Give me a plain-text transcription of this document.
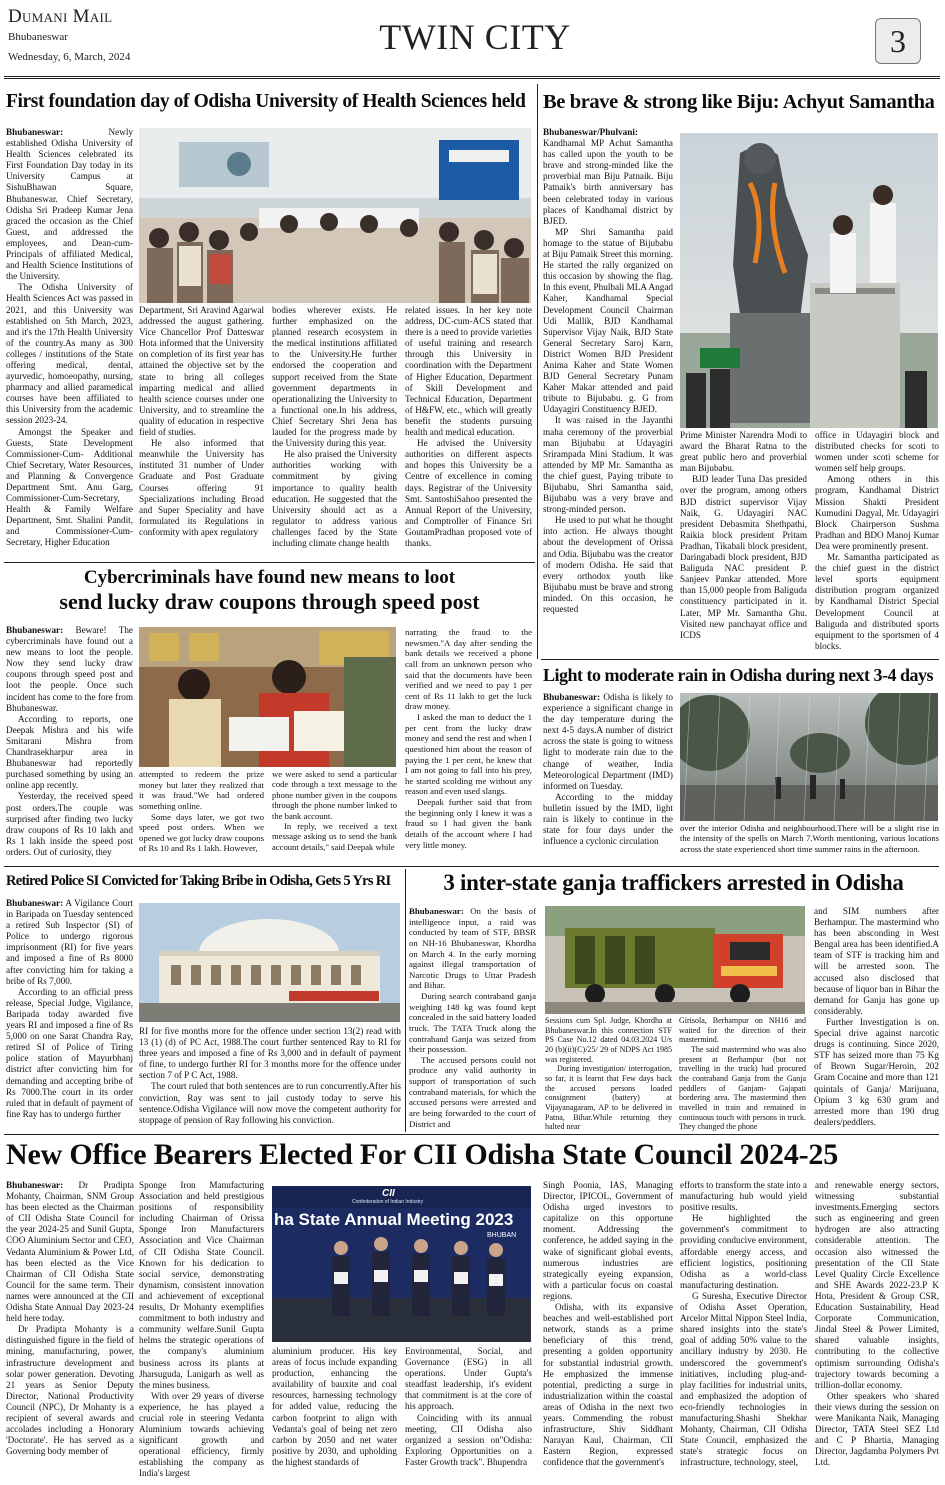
Dumani Mail
Bhubaneswar
Wednesday, 6, March, 2024	TWIN CITY	3
First foundation day of Odisha University of Health Sciences held

Bhubaneswar: Newly established Odisha University of Health Sciences celebrated its First Foundation Day today in its University Campus at SishuBhawan Square, Bhubaneswar. Chief Secretary, Odisha Sri Pradeep Kumar Jena graced the occasion as the Chief Guest, and addressed the employees, and Dean-cum-Principals of affiliated Medical, and Health Science Institutions of the University.

The Odisha University of Health Sciences Act was passed in 2021, and this University was established on 5th March, 2023, and it's the 17th Health University of the country.As many as 300 colleges / institutions of the State offering medical, dental, ayurvedic, homoeopathy, nursing, pharmacy and allied paramedical courses have been affiliated to this University from the academic session 2023-24.

Amongst the Speaker and Guests, State Development Commissioner-Cum- Additional Chief Secretary, Water Resources, and Planning & Convergence Department Smt. Anu Garg, Commissioner-Cum-Secretary, Health & Family Welfare Department, Smt. Shalini Pandit, and Commissioner-Cum-Secretary, Higher Education

Department, Sri Aravind Agarwal addressed the august gathering. Vice Chancellor Prof Datteswar Hota informed that the University on completion of its first year has attained the objective set by the state to bring all colleges imparting medical and allied health science courses under one University, and to streamline the quality of education in respective field of studies.

He also informed that meanwhile the University has instituted 31 number of Under Graduate and Post Graduate Courses offering 91 Specializations including Broad and Super Speciality and have formulated its Regulations in conformity with apex regulatory

bodies wherever exists. He further emphasized on the planned research ecosystem in the medical institutions affiliated to the University.He further endorsed the cooperation and support received from the State government departments in operationalizing the University to a functional one.In his address, Chief Secretary Shri Jena has lauded for the progress made by the University during this year.

He also praised the University authorities working with commitment by giving importance to quality health education. He suggested that the University should act as a regulator to address various challenges faced by the State including climate change health

related issues. In her key note address, DC-cum-ACS stated that there is a need to provide varieties of useful training and research through this University in coordination with the Department of Higher Education, Department of Skill Development and Technical Education, Department of H&FW, etc., which will greatly benefit the students pursuing health and medical education.

He advised the University authorities on different aspects and hopes this University be a Centre of excellence in coming days. Registrar of the University Smt. SantoshiSahoo presented the Annual Report of the University, and Comptroller of Finance Sri GoutamPradhan proposed vote of thanks.

Be brave & strong like Biju: Achyut Samantha

Bhubaneswar/Phulvani: Kandhamal MP Achut Samantha has called upon the youth to be brave and strong-minded like the proverbial man Biju Patnaik. Biju Patnaik's birth anniversary has been celebrated today in various places of Kandhamal district by BJED.

MP Shri Samantha paid homage to the statue of Bijubabu at Biju Patnaik Street this morning. He started the rally organized on this occasion by showing the flag. In this event, Phulbali MLA Angad Kaher, Kandhamal Special Development Council Chairman Udi Mallik, BJD Kandhamal Supervisor Vijay Naik, BJD State General Secretary Saroj Karn, District Women BJD President Anima Kaher and State Women BJD General Secretary Punam Kaher Makar attended and paid tribute to Bijubabu. g. G from Udayagiri Constituency BJED.

It was raised in the Jayanthi maha ceremony of the proverbial man Bijubabu at Udayagiri Srirampada Mini Stadium. It was attended by MP Mr. Samantha as the chief guest, Paying tribute to Bijubabu, Shri Samantha said, Bijubabu was a very brave and strong-minded person.

He used to put what he thought into action. He always thought about the development of Orissa and Odia. Bijubabu was the creator of modern Odisha. He said that every orthodox youth like Bijubabu must be brave and strong minded. On this occasion, he requested

Prime Minister Narendra Modi to award the Bharat Ratna to the great public hero and proverbial man Bijubabu.

BJD leader Tuna Das presided over the program, among others BJD district supervisor Vijay Naik, G. Udayagiri NAC president Debasmita Shethpathi, Raikia block president Pritam Pradhan, Tikabali block president, Daringabadi block president, BJD Baliguda NAC president P. Sanjeev Pankar attended. More than 15,000 people from Baliguda constituency participated in it. Later, MP Mr. Samantha Ghu. Visited new panchayat office and ICDS

office in Udayagiri block and distributed checks for scoti to women under scoti scheme for women self help groups.

Among others in this program, Kandhamal District Mission Shakti President Kumudini Dagyal, Mr. Udayagiri Block Chairperson Sushma Pradhan and BDO Manoj Kumar Dea were prominently present.

Mr. Samantha participated as the chief guest in the district level sports equipment distribution program organized by Kandhamal District Special Development Council at Baliguda and distributed sports equipment to the sportsmen of 4 blocks.

Cybercriminals have found new means to loot
send lucky draw coupons through speed post

Bhubaneswar: Beware! The cybercriminals have found out a new means to loot the people. Now they send lucky draw coupons through speed post and loot the people. Once such incident has come to the fore from Bhubaneswar.

According to reports, one Deepak Mishra and his wife Smitarani Mishra from Chandrasekharpur area in Bhubaneswar had reportedly purchased something by using an online app recently.

Yesterday, the received speed post orders.The couple was surprised after finding two lucky draw coupons of Rs 10 lakh and Rs 1 lakh inside the speed post orders. Out of curiosity, they

attempted to redeem the prize money but later they realized that it was fraud."We had ordered something online.

Some days later, we got two speed post orders. When we opened we got lucky draw coupons of Rs 10 and Rs 1 lakh. However,

we were asked to send a particular code through a text message to the phone number given in the coupons through the phone number linked to the bank account.

In reply, we received a text message asking us to send the bank account details," said Deepak while

narrating the fraud to the newsmen."A day after sending the bank details we received a phone call from an unknown person who said that the documents have been verified and we need to pay 1 per cent of Rs 11 lakh to get the luck draw money.

I asked the man to deduct the 1 per cent from the lucky draw money and send the rest and when I questioned him about the reason of paying the 1 per cent, he knew that I am not going to fall into his prey, he started scolding me without any reason and even used slangs.

Deepak further said that from the beginning only I knew it was a fraud so I had given the bank details of the account where I had very little money.

Light to moderate rain in Odisha during next 3-4 days

Bhubaneswar: Odisha is likely to experience a significant change in the day temperature during the next 4-5 days.A number of district across the state is going to witness light to moderate rain due to the change of weather, India Meteorological Department (IMD) informed on Tuesday.

According to the midday bulletin issued by the IMD, light rain is likely to continue in the state for four days under the influence a cyclonic circulation

over the interior Odisha and neighbourhood.There will be a slight rise in the intensity of the spells on March 7.Worth mentioning, various locations across the state experienced short time summer rains in the afternoon.
Retired Police SI Convicted for Taking Bribe in Odisha, Gets 5 Yrs RI

Bhubaneswar: A Vigilance Court in Baripada on Tuesday sentenced a retired Sub Inspector (SI) of Police to undergo rigorous imprisonment (RI) for five years and imposed a fine of Rs 8000 after convicting him for taking a bribe of Rs 7,000.

According to an official press release, Special Judge, Vigilance, Baripada today awarded five years RI and imposed a fine of Rs 5,000 on one Sarat Chandra Ray, retired SI of Police of Tiring police station of Mayurbhanj district after convicting him for demanding and accepting bribe of Rs 7000.The court in its order ruled that in default of payment of fine Ray has to undergo further

RI for five months more for the offence under section 13(2) read with 13 (1) (d) of PC Act, 1988.The court further sentenced Ray to RI for three years and imposed a fine of Rs 3,000 and in default of payment of fine, to undergo further RI for 3 months more for the offence under section 7 of P C Act, 1988.

The court ruled that both sentences are to run concurrently.After his conviction, Ray was sent to jail custody today to serve his sentence.Odisha Vigilance will now move the competent authority for stoppage of pension of Ray following his conviction.

3 inter-state ganja traffickers arrested in Odisha

Bhubaneswar: On the basis of intelligence input, a raid was conducted by team of STF, BBSR on NH-16 Bhubaneswar, Khordha on March 4. In the early morning against illegal transportation of Narcotic Drugs to Uttar Pradesh and Bihar.

During search contraband ganja weighing 148 kg was found kept concealed in the said battery loaded truck. The TATA Truck along the contraband Ganja was seized from their possession.

The accused persons could not produce any valid authority in support of transportation of such contraband materials, for which the accused persons were arrested and are being forwarded to the court of District and

Sessions cum Spl. Judge, Khordha at Bhubaneswar.In this connection STF PS Case No.12 dated 04.03.2024 U/s 20 (b)(ii)(C)/25/ 29 of NDPS Act 1985 was registered.

During investigation/ interrogation, so far, it is learnt that Few days back the accused persons loaded consignment (battery) at Vijayanagaram, AP to be delivered in Patna, Bihar.While returning they halted near

Girisola, Berhampur on NH16 and waited for the direction of their mastermind.

The said mastermind who was also present at Berhampur (but not travelling in the truck) had procured the contraband Ganja from the Ganja peddlers of Ganjam- Gajapati bordering area. The mastermind then travelled in train and remained in continuous touch with persons in truck. They changed the phone

and SIM numbers after Berhampur. The mastermind who has been absconding in West Bengal area has been identified.A team of STF is tracking him and will be arrested soon. The accused also disclosed that because of liquor ban in Bihar the demand for Ganja has gone up considerably.

Further Investigation is on. Special drive against narcotic drugs is continuing. Since 2020, STF has seized more than 75 Kg of Brown Sugar/Heroin, 202 Gram Cocaine and more than 121 quintals of Ganja/ Marijuana, Opium 3 kg 630 gram and arrested more than 190 drug dealers/peddlers.

New Office Bearers Elected For CII Odisha State Council 2024-25

Bhubaneswar: Dr Pradipta Mohanty, Chairman, SNM Group has been elected as the Chairman of CII Odisha State Council for the year 2024-25 and Sunil Gupta, COO Aluminium Sector and CEO, Vedanta Aluminium & Power Ltd, has been elected as the Vice Chairman of CII Odisha State Council for the same term. Their names were announced at the CII Odisha State Annual Day 2023-24 held here today.

Dr Pradipta Mohanty is a distinguished figure in the field of mining, manufacturing, power, infrastructure development and solar power generation. Devoting 21 years as Senior Deputy Director, National Productivity Council (NPC), Dr Mohanty is a recipient of several awards and accolades including a Honorary 'Doctorate'. He has served as a Governing body member of

Sponge Iron Manufacturing Association and held prestigious positions of responsibility including Chairman of Orissa Sponge Iron Manufacturers Association and Vice Chairman of CII Odisha State Council. Known for his dedication to social service, demonstrating dynamism, consistent innovation and achievement of exceptional results, Dr Mohanty exemplifies commitment to both industry and community welfare.Sunil Gupta helms the strategic operations of the company's aluminium business across its plants at Jharsuguda, Lanigarh as well as the mines business.

With over 29 years of diverse experience, he has played a crucial role in steering Vedanta Aluminium towards achieving significant growth and operational efficiency, firmly establishing the company as India's largest

CII
Confederation of Indian Industry
ha State Annual Meeting 2023
BHUBAN

aluminium producer. His key areas of focus include expanding production, enhancing the availability of bauxite and coal resources, harnessing technology for added value, reducing the carbon footprint to align with Vedanta's goal of being net zero carbon by 2050 and net water positive by 2030, and upholding the highest standards of

Environmental, Social, and Governance (ESG) in all operations. Under Gupta's steadfast leadership, it's evident that commitment is at the core of his approach.

Coinciding with its annual meeting, CII Odisha also organized a session on"Odisha: Exploring Opportunities on a Faster Growth track". Bhupendra

Singh Poonia, IAS, Managing Director, IPICOL, Government of Odisha urged investors to capitalize on this opportune moment. Addressing the conference, he added saying in the wake of significant global events, numerous industries are strategically eyeing expansion, with a particular focus on coastal regions.

Odisha, with its expansive beaches and well-established port network, stands as a prime beneficiary of this trend, presenting a golden opportunity for substantial industrial growth. He emphasized the immense potential, predicting a surge in industrialization within the coastal areas of Odisha in the next two years. Commending the robust infrastructure, Shiv Siddhant Narayan Kaul, Chairman, CII Eastern Region, expressed confidence that the government's

efforts to transform the state into a manufacturing hub would yield positive results.

He highlighted the government's commitment to providing conducive environment, affordable energy access, and efficient logistics, positioning Odisha as a world-class manufacturing destination.

G Suresha, Executive Director of Odisha Asset Operation, Arcelor Mittal Nippon Steel India, shared insights into the state's goal of adding 50% value to the ancillary industry by 2030. He underscored the government's initiatives, including plug-and-play facilities for industrial units, and emphasized the adoption of eco-friendly technologies in manufacturing.Shashi Shekhar Mohanty, Chairman, CII Odisha State Council, emphasized the state's strategic focus on infrastructure, technology, steel,

and renewable energy sectors, witnessing substantial investments.Emerging sectors such as engineering and green hydrogen are also attracting considerable attention. The occasion also witnessed the presentation of the CII State Level Quality Circle Excellence and SHE Awards 2022-23.P K Hota, President & Group CSR, Education Sustainability, Head Corporate Communication, Jindal Steel & Power Limited, shared valuable insights, contributing to the collective optimism surrounding Odisha's trajectory towards becoming a trillion-dollar economy.

Other speakers who shared their views during the session on were Manikanta Naik, Managing Director, TATA Steel SEZ Ltd and C P Bhartia, Managing Director, Jagdamba Polymers Pvt Ltd.
